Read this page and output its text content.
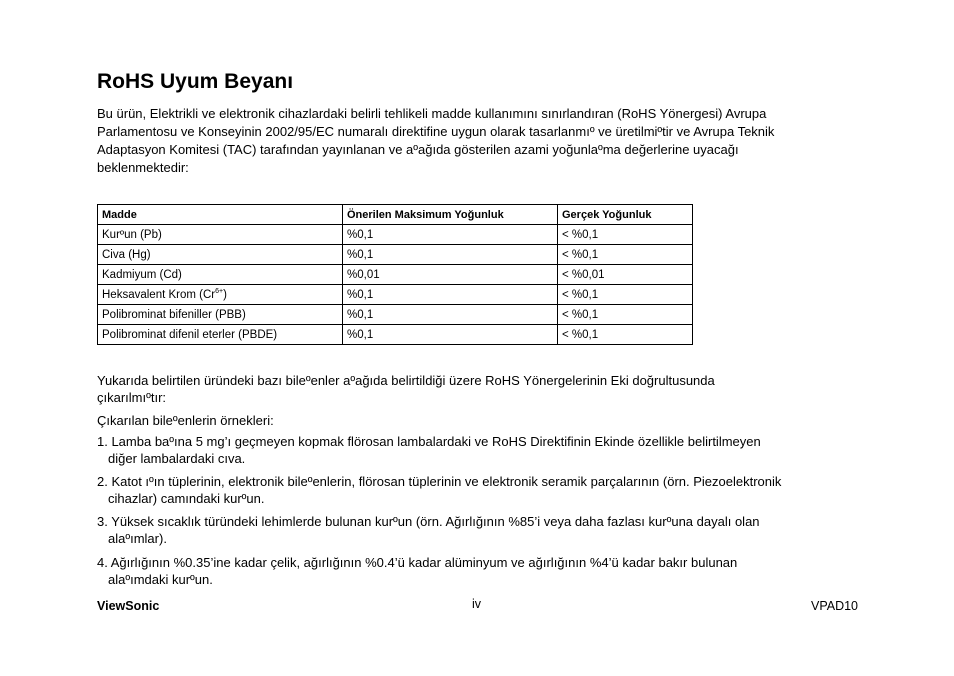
RoHS Uyum Beyanı

Bu ürün, Elektrikli ve elektronik cihazlardaki belirli tehlikeli madde kullanımını sınırlandıran (RoHS Yönergesi) Avrupa
Parlamentosu ve Konseyinin 2002/95/EC numaralı direktifine uygun olarak tasarlanmıº ve üretilmiºtir ve Avrupa Teknik
Adaptasyon Komitesi (TAC) tarafından yayınlanan ve aºağıda gösterilen azami yoğunlaºma değerlerine uyacağı
beklenmektedir:

Madde	Önerilen Maksimum Yoğunluk	Gerçek Yoğunluk
Kurºun (Pb)	%0,1	< %0,1
Civa (Hg)	%0,1	< %0,1
Kadmiyum (Cd)	%0,01	< %0,01
Heksavalent Krom $(Cr^{6+})$	%0,1	< %0,1
Polibrominat bifeniller (PBB)	%0,1	< %0,1
Polibrominat difenil eterler (PBDE)	%0,1	< %0,1

Yukarıda belirtilen üründeki bazı bileºenler aºağıda belirtildiği üzere RoHS Yönergelerinin Eki doğrultusunda
çıkarılmıºtır:

Çıkarılan bileºenlerin örnekleri:

1. Lamba baºına 5 mg’ı geçmeyen kopmak flörosan lambalardaki ve RoHS Direktifinin Ekinde özellikle belirtilmeyen
diğer lambalardaki cıva.

2. Katot ıºın tüplerinin, elektronik bileºenlerin, flörosan tüplerinin ve elektronik seramik parçalarının (örn. Piezoelektronik
cihazlar) camındaki kurºun.

3. Yüksek sıcaklık türündeki lehimlerde bulunan kurºun (örn. Ağırlığının %85’i veya daha fazlası kurºuna dayalı olan
alaºımlar).

4. Ağırlığının %0.35’ine kadar çelik, ağırlığının %0.4’ü kadar alüminyum ve ağırlığının %4’ü kadar bakır bulunan
alaºımdaki kurºun.

ViewSonic	iv	VPAD10
